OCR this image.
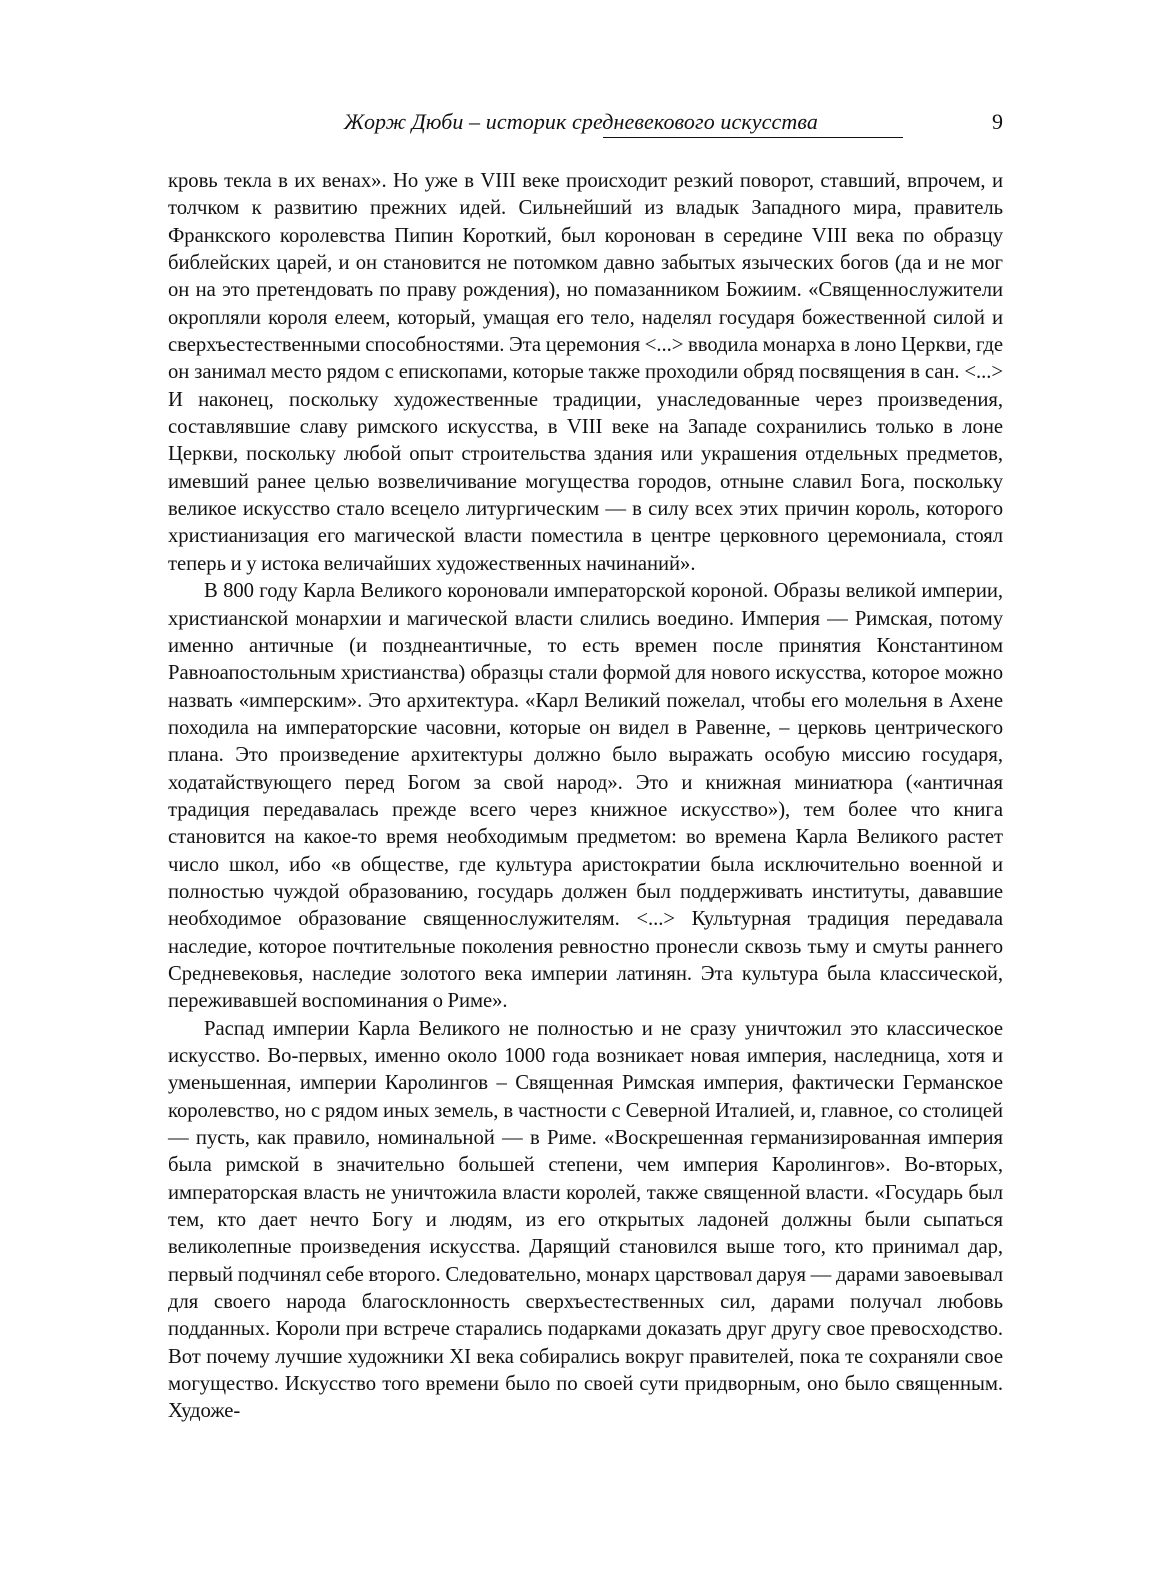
Жорж Дюби – историк средневекового искусства	9

кровь текла в их венах». Но уже в VIII веке происходит резкий поворот, ставший, впрочем, и толчком к развитию прежних идей. Сильнейший из владык Западного мира, правитель Франкского королевства Пипин Короткий, был коронован в середине VIII века по образцу библейских царей, и он становится не потомком давно забытых языческих богов (да и не мог он на это претендовать по праву рождения), но помазанником Божиим. «Священнослужители окропляли короля елеем, который, умащая его тело, наделял государя божественной силой и сверхъестественными способностями. Эта церемония <...> вводила монарха в лоно Церкви, где он занимал место рядом с епископами, которые также проходили обряд посвящения в сан. <...> И наконец, поскольку художественные традиции, унаследованные через произведения, составлявшие славу римского искусства, в VIII веке на Западе сохранились только в лоне Церкви, поскольку любой опыт строительства здания или украшения отдельных предметов, имевший ранее целью возвеличивание могущества городов, отныне славил Бога, поскольку великое искусство стало всецело литургическим — в силу всех этих причин король, которого христианизация его магической власти поместила в центре церковного церемониала, стоял теперь и у истока величайших художественных начинаний».

В 800 году Карла Великого короновали императорской короной. Образы великой империи, христианской монархии и магической власти слились воедино. Империя — Римская, потому именно античные (и позднеантичные, то есть времен после принятия Константином Равноапостольным христианства) образцы стали формой для нового искусства, которое можно назвать «имперским». Это архитектура. «Карл Великий пожелал, чтобы его молельня в Ахене походила на императорские часовни, которые он видел в Равенне, – церковь центрического плана. Это произведение архитектуры должно было выражать особую миссию государя, ходатайствующего перед Богом за свой народ». Это и книжная миниатюра («античная традиция передавалась прежде всего через книжное искусство»), тем более что книга становится на какое-то время необходимым предметом: во времена Карла Великого растет число школ, ибо «в обществе, где культура аристократии была исключительно военной и полностью чуждой образованию, государь должен был поддерживать институты, дававшие необходимое образование священнослужителям. <...> Культурная традиция передавала наследие, которое почтительные поколения ревностно пронесли сквозь тьму и смуты раннего Средневековья, наследие золотого века империи латинян. Эта культура была классической, переживавшей воспоминания о Риме».

Распад империи Карла Великого не полностью и не сразу уничтожил это классическое искусство. Во-первых, именно около 1000 года возникает новая империя, наследница, хотя и уменьшенная, империи Каролингов – Священная Римская империя, фактически Германское королевство, но с рядом иных земель, в частности с Северной Италией, и, главное, со столицей — пусть, как правило, номинальной — в Риме. «Воскрешенная германизированная империя была римской в значительно большей степени, чем империя Каролингов». Во-вторых, императорская власть не уничтожила власти королей, также священной власти. «Государь был тем, кто дает нечто Богу и людям, из его открытых ладоней должны были сыпаться великолепные произведения искусства. Дарящий становился выше того, кто принимал дар, первый подчинял себе второго. Следовательно, монарх царствовал даруя — дарами завоевывал для своего народа благосклонность сверхъестественных сил, дарами получал любовь подданных. Короли при встрече старались подарками доказать друг другу свое превосходство. Вот почему лучшие художники XI века собирались вокруг правителей, пока те сохраняли свое могущество. Искусство того времени было по своей сути придворным, оно было священным. Художе-
